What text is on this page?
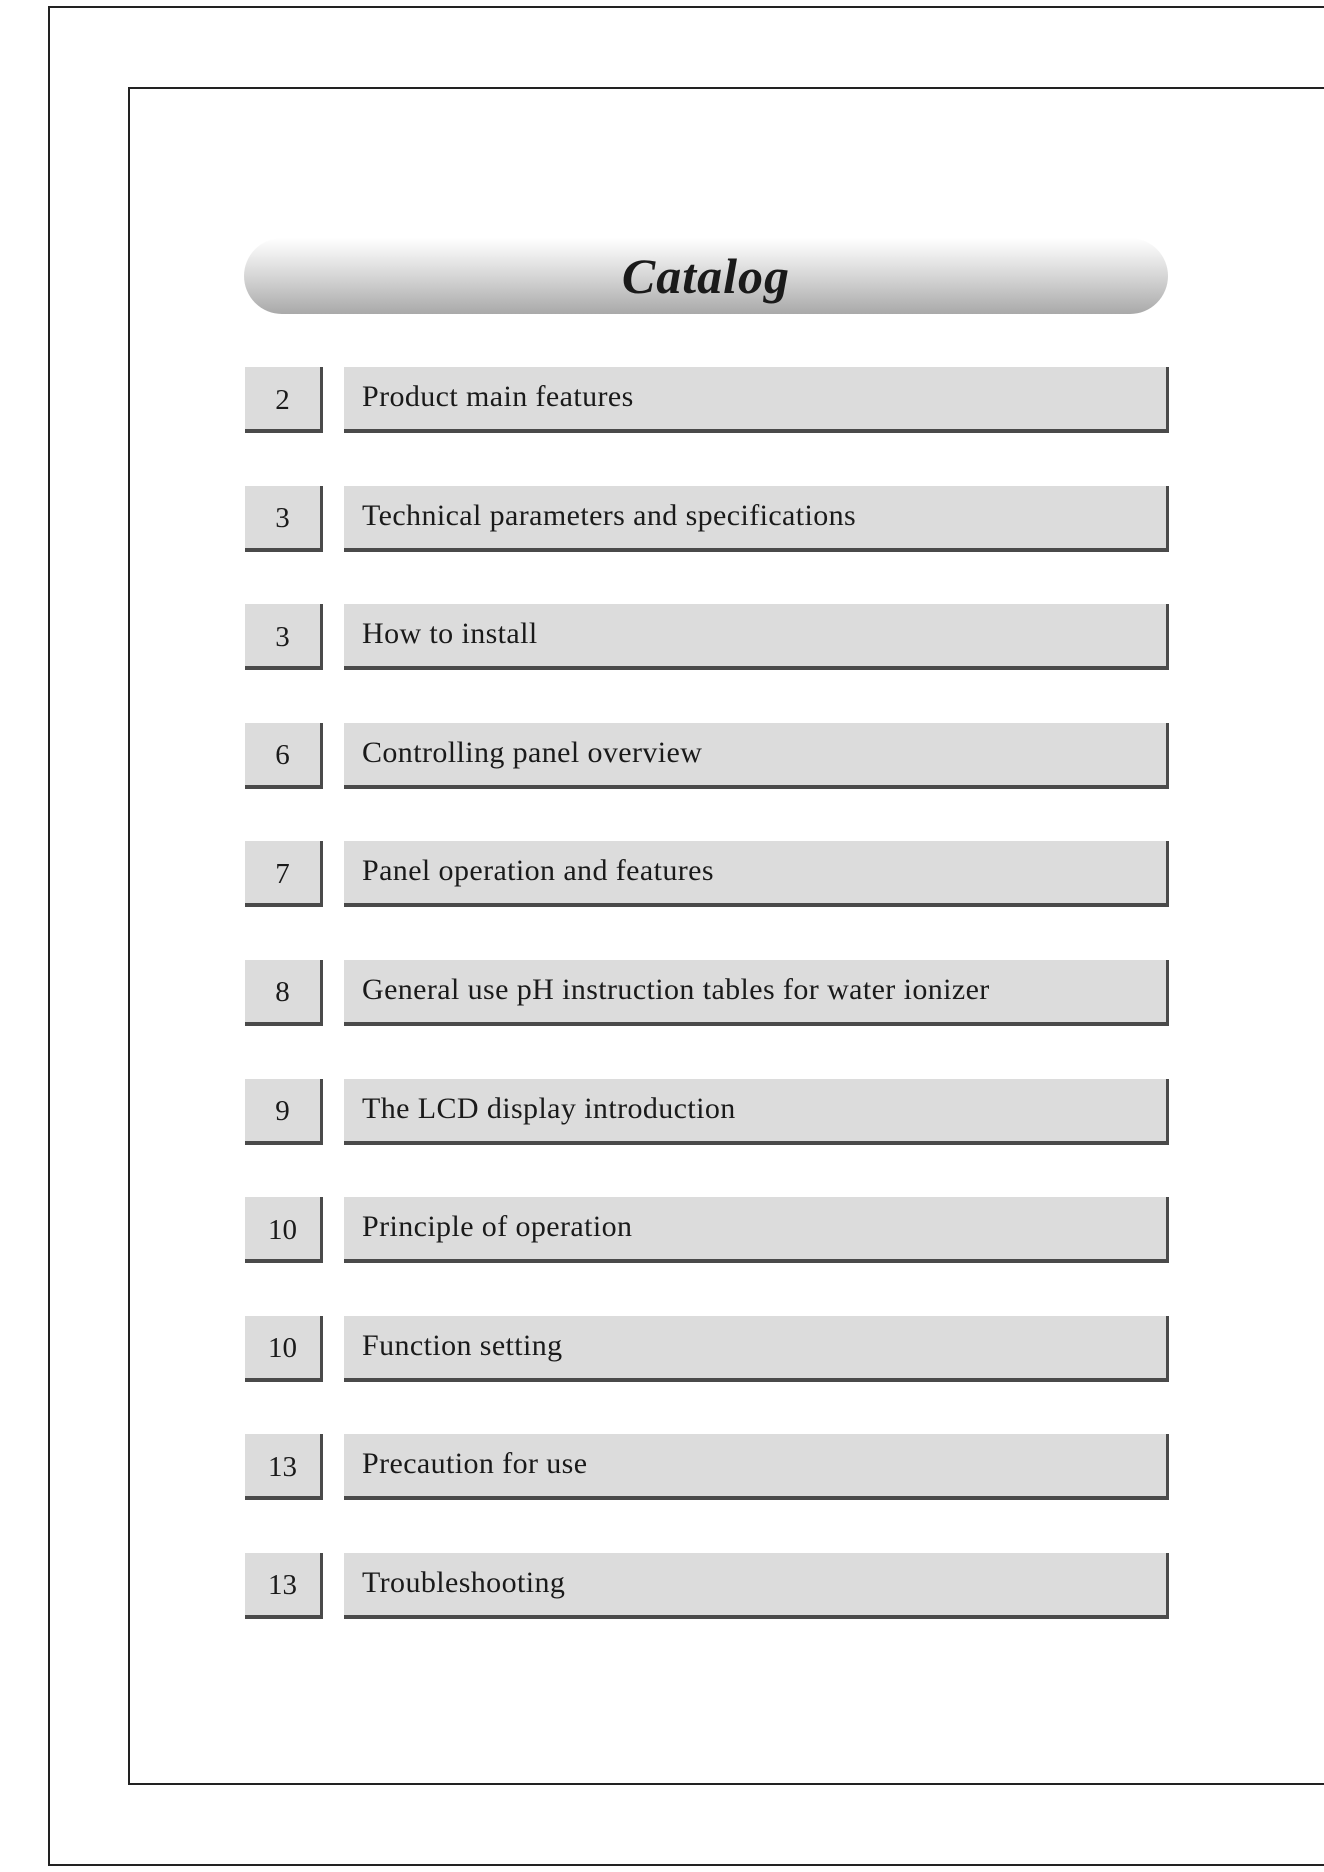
Catalog
2	Product main features
3	Technical parameters and specifications
3	How to install
6	Controlling panel overview
7	Panel operation and features
8	General use pH instruction tables for water ionizer
9	The LCD display introduction
10	Principle of operation
10	Function setting
13	Precaution for use
13	Troubleshooting
